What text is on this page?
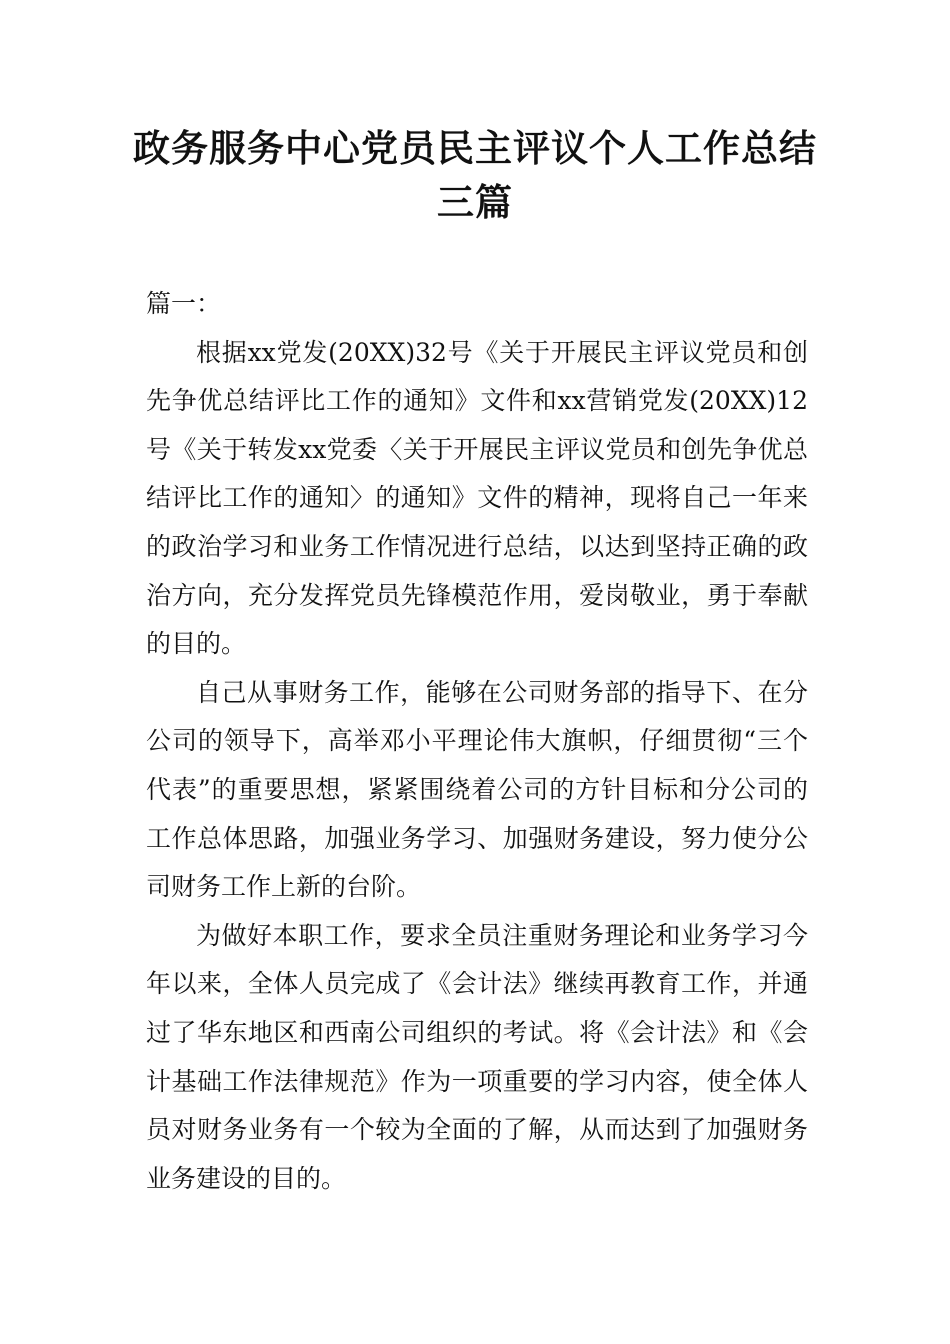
政务服务中心党员民主评议个人工作总结三篇

篇一：

根据xx党发(20XX)32号《关于开展民主评议党员和创先争优总结评比工作的通知》文件和xx营销党发(20XX)12号《关于转发xx党委〈关于开展民主评议党员和创先争优总结评比工作的通知〉的通知》文件的精神，现将自己一年来的政治学习和业务工作情况进行总结，以达到坚持正确的政治方向，充分发挥党员先锋模范作用，爱岗敬业，勇于奉献的目的。

自己从事财务工作，能够在公司财务部的指导下、在分公司的领导下，高举邓小平理论伟大旗帜，仔细贯彻“三个代表”的重要思想，紧紧围绕着公司的方针目标和分公司的工作总体思路，加强业务学习、加强财务建设，努力使分公司财务工作上新的台阶。

为做好本职工作，要求全员注重财务理论和业务学习今年以来，全体人员完成了《会计法》继续再教育工作，并通过了华东地区和西南公司组织的考试。将《会计法》和《会计基础工作法律规范》作为一项重要的学习内容，使全体人员对财务业务有一个较为全面的了解，从而达到了加强财务业务建设的目的。
